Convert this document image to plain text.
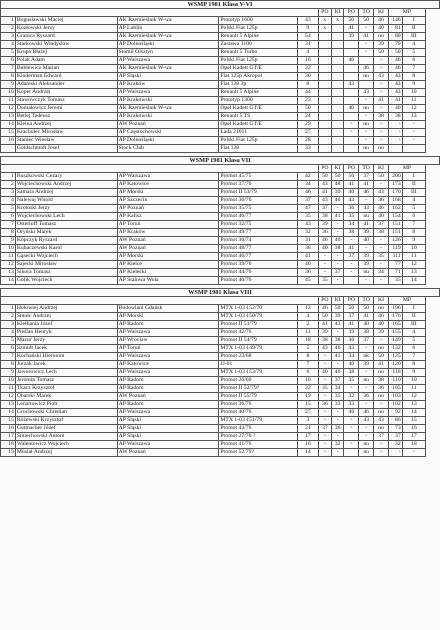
WSMP 1981 Klasa V-VI											
					PO	KI	PO	TO	KI	MP	
1	Bogusławski Maciej	AK Rzemieślnik W-wa	Prototyp 1600	43	x	x	50	50	46	146	I
2	Kozłowski Jerzy	AP Lublin	Polski Fiat 125p	9	x		41	-	40	81	II
3	Granica Ryszard	AK Rzemieślnik W-wa	Renault 5 Alpine	54			39	41	nu	80	III
4	Starkowski Władysław	AP Dolnośląski	Zastawa 1100	31				-	39	79	4
5	Krupa Błażej	Stomil Olsztyn	Renault 5 Turbo	4				-	50	50	5
6	Polak Adam	AP Warszawa	Polski Fiat 125p	16			46		-	46	6
7	Bublewicz Marian	AK Rzemieślnik W-wa	Opel Kadett GT/E	22				46	-	46	7
8	Kinderman Edward	AP Śląski	Fiat 125p Akropol	30				nu	43	43	8
9	Adamski Aleksander	AP Kraków	Fiat 128 3p	8			43		-	43	9
10	Koper Andrzej	AP Warszawa	Renault 5 Alpine	44				43	-	43	10
11	Stawowczyk Tomasz	AP Krakowski	Prototyp 1300	23				-	41	41	11
12	Domałowicz Jeremi	AK Rzemieślnik W-wa	Opel Kadett GT/E	50			40	nu	-	40	12
13	Betlej Tadeusz	AP Krakowski	Renault 5 TS	24				-	38	38	13
14	Kleina Andrzej	AW Poznań	Opel Kadett GT/E	29			-	nu	-	-	-
15	Krachulec Mirosław	AP Częstochowski	Łada 21011	27			-	-	-	-	-
16	Staniec Wiesław	AP Dolnośląski	Polski Fiat 125p	28				-	-	-	-
	Goldschmidt Josef	Stock Club	Fiat 128	33				nu	nu		
WSMP 1981 Klasa VII											
					PO	KI	PO	TO	KI	MP	
1	Ruszkowski Cezary	AP Warszawa	Promot 45/75	42	50	50	50	37	50	200	I
2	Wojciechowski Andrzej	AP Katowice	Promot 37/76	34	43	48	41	41	-	173	II
3	Samara Andrzej	AP Morski	Promot II 53/79	46	41	39	40	46	43	170	III
4	Nalewaj Witold	AP Szczecin	Promot 36/76	37	43	46	43	-	36	168	4
5	Krotoski Jerzy	AP Poznań	Promot 35/75	47	37	-	36	43	46	162	5
6	Wojciechowski Lech	AP Kalisz	Promot 46/77	35	38	41	35	nu	40	154	6
7	Osterloff Tomasz	AP Toruń	Promot 32/75	43	39	-	34	41	37	151	7
8	Oryński Marek	AP Kraków	Promot 49/77	32	36	-	38	39	38	151	8
9	Kopczyk Ryszard	AW Poznań	Promot 30/74	31	46	40	-	40	-	126	9
10	Kubaczewski Karol	AW Poznań	Promot 48/77	38	40	38	41	-	-	119	10
11	Gąsecki Wojciech	AP Morski	Promot 46/77	41	-	-	37	39	35	111	11
12	Sajecki Mirosław	AP Kielce	Promot 39/76	40	-	-	-	39	-	77	12
13	Sikora Tomasz	AP Kielecki	Promot 44/76	36	-	37	-	nu	34	71	13
14	Golik Wojciech	AP Stalowa Wola	Promot 40/76	45	35	-		-	-	35	14
WSMP 1981 Klasa VIII											
					PO	KI	PO	TO	KI	MP	
1	Hołowiej Andrzej	Budowlani Gdańsk	MTX 1-03 152/70	12	46	50	50	50	nu	196	I
2	Smulc Andrzej	AP Morski	MTX 1-03 150/79	4	50	39	37	41	46	176	II
3	Kiełbania Józef	AP Radom	Promot II 51/79	2	41	43	41	40	40	165	III
4	Pieślan Henryk	AP Warszawa	Promot 42/76	11	39	-	39	38	39	155	4
5	Mazur Jerzy	AP Wrocław	Promot II 54/79	18	38	38	36	37	-	149	5
6	Szmidt Jacek	AP Toruń	MTX 1-03 149/79	5	43	46	43	-	nu	132	6
7	Kochański Hieronim	AP Warszawa	Promot 23/68	8	-	41	34	nk	50	125	7
8	Jurzak Jacek	AP Katowice	JJ-01	7	-	-	40	39	41	120	8
9	Jaworowicz Lech	AP Warszawa	MTX 1-03 153/79	6	40	40	38	-	nu	118	9
10	Jeromin Tomasz	AP Radom	Promot 26/69	10	-	37	35	nu	38	110	10
11	Tkacz Krzysztof	AP Radom	Promot II 52/79?	22	35	34	-	-	36	105	11
12	Obarski Marek	AW Poznań	Promot II 55/79	19	-	35	32	36	nu	103	12
13	Lenartowicz Piotr	AP Radom	Promot 36/76	15	36	33	33	-	-	102	13
14	Grochowski Christian	AP Warszawa	Promot 40/76	27	-	-	46	46	nu	92	14
15	Różewski Krzysztof	AP Śląski	MTX 1-03 151/79	3	-	-	-	43	43	86	15
16	Gutmacher Józef	AP Śląski	Promot 43/76	21	37	36	-	-	nu	73	16
17	Śmiechowski Antoni	AP Śląski	Promot 27/70 ?	17	-	-		-	37	37	17
18	Walentowicz Wojciech	AP Warszawa	Promot 41/76	16	-	32	-	nu	-	32	18
19	Musiał Andrzej	AW Poznań	Promot 52/79?	14	-	-		nu	-	-	-
